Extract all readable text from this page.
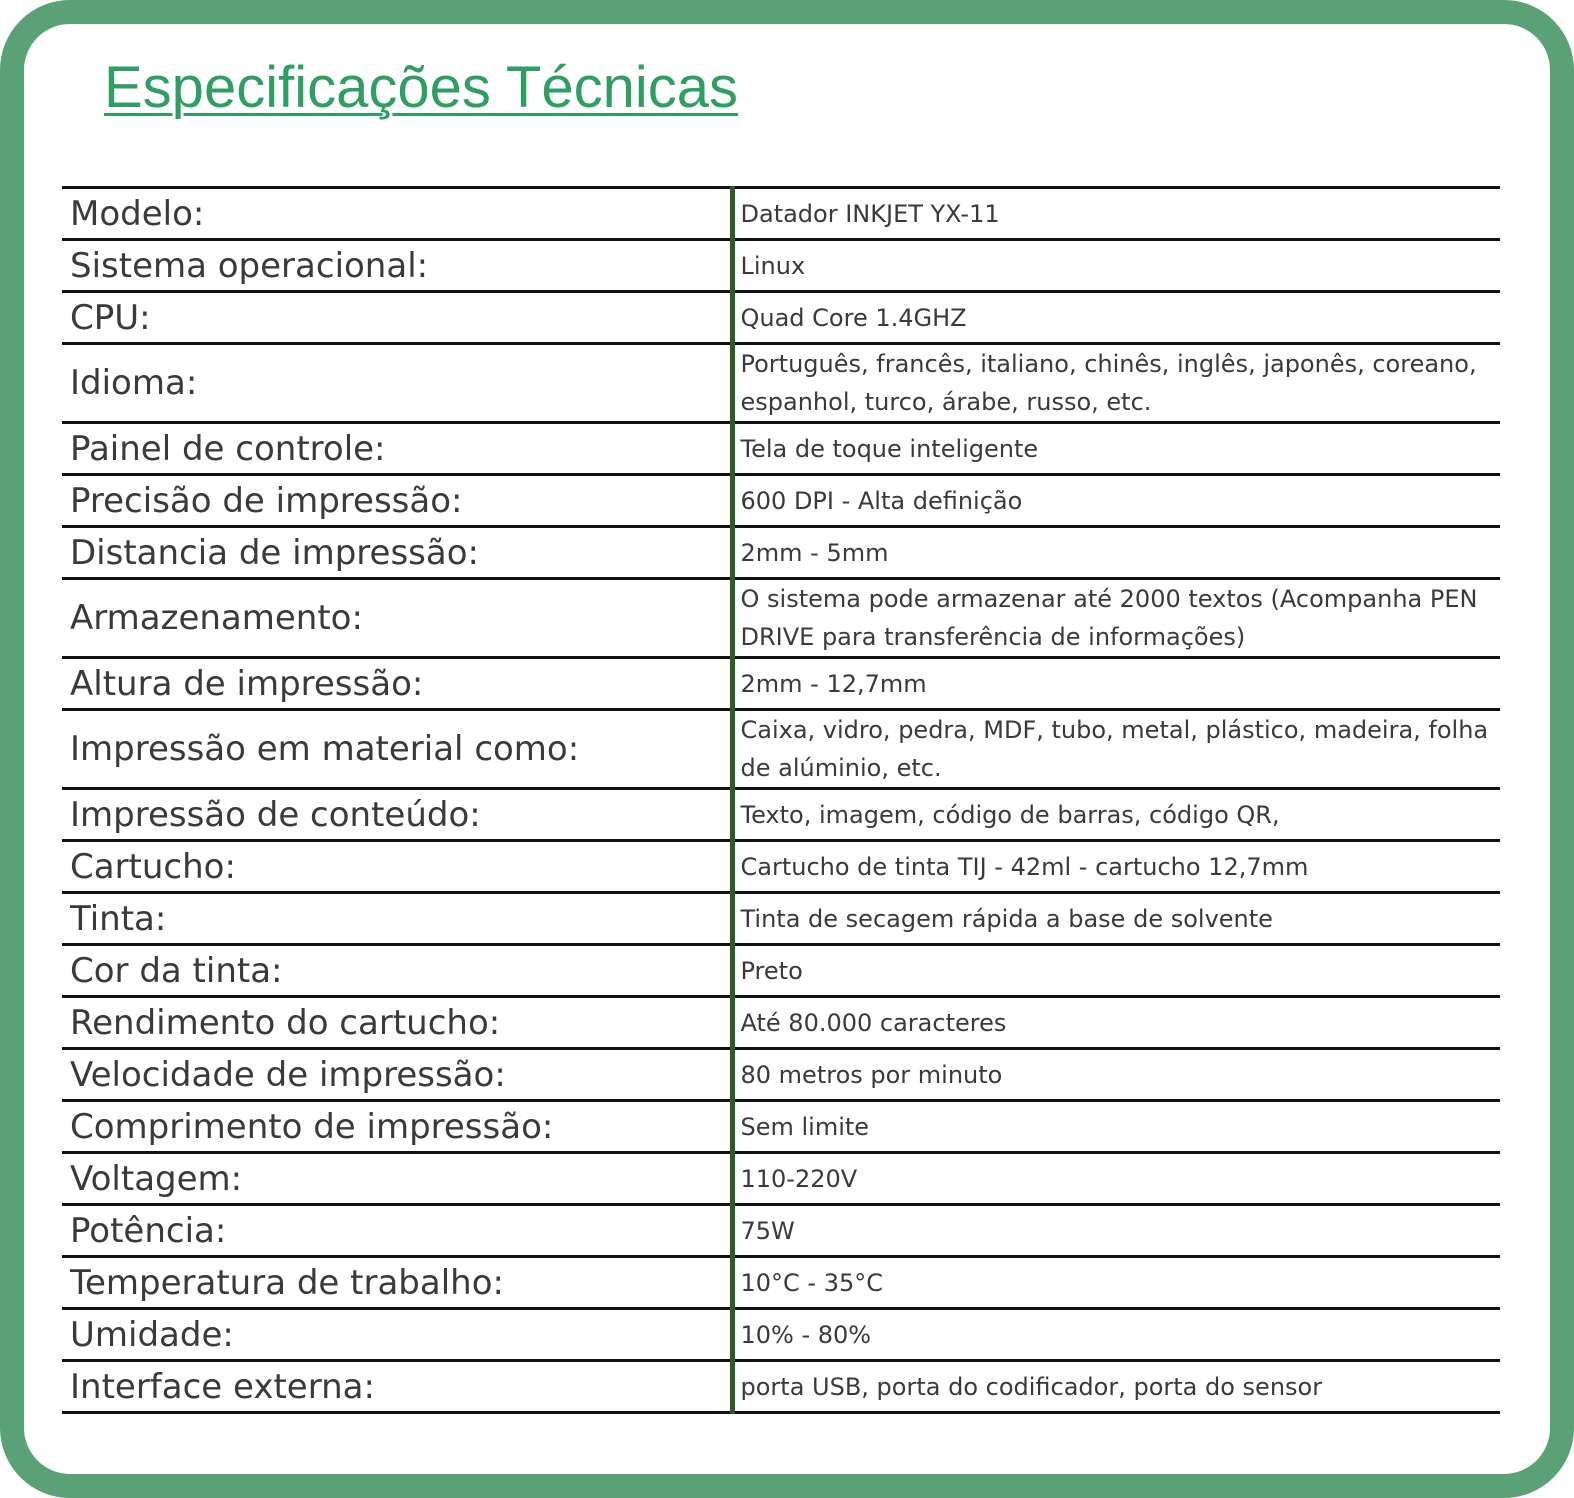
Especificações Técnicas
Modelo:	Datador INKJET YX-11
Sistema operacional:	Linux
CPU:	Quad Core 1.4GHZ
Idioma:	Português, francês, italiano, chinês, inglês, japonês, coreano, espanhol, turco, árabe, russo, etc.
Painel de controle:	Tela de toque inteligente
Precisão de impressão:	600 DPI - Alta definição
Distancia de impressão:	2mm - 5mm
Armazenamento:	O sistema pode armazenar até 2000 textos (Acompanha PEN DRIVE para transferência de informações)
Altura de impressão:	2mm - 12,7mm
Impressão em material como:	Caixa, vidro, pedra, MDF, tubo, metal, plástico, madeira, folha de alúminio, etc.
Impressão de conteúdo:	Texto, imagem, código de barras, código QR,
Cartucho:	Cartucho de tinta TIJ - 42ml - cartucho 12,7mm
Tinta:	Tinta de secagem rápida a base de solvente
Cor da tinta:	Preto
Rendimento do cartucho:	Até 80.000 caracteres
Velocidade de impressão:	80 metros por minuto
Comprimento de impressão:	Sem limite
Voltagem:	110-220V
Potência:	75W
Temperatura de trabalho:	10°C - 35°C
Umidade:	10% - 80%
Interface externa:	porta USB, porta do codificador, porta do sensor
